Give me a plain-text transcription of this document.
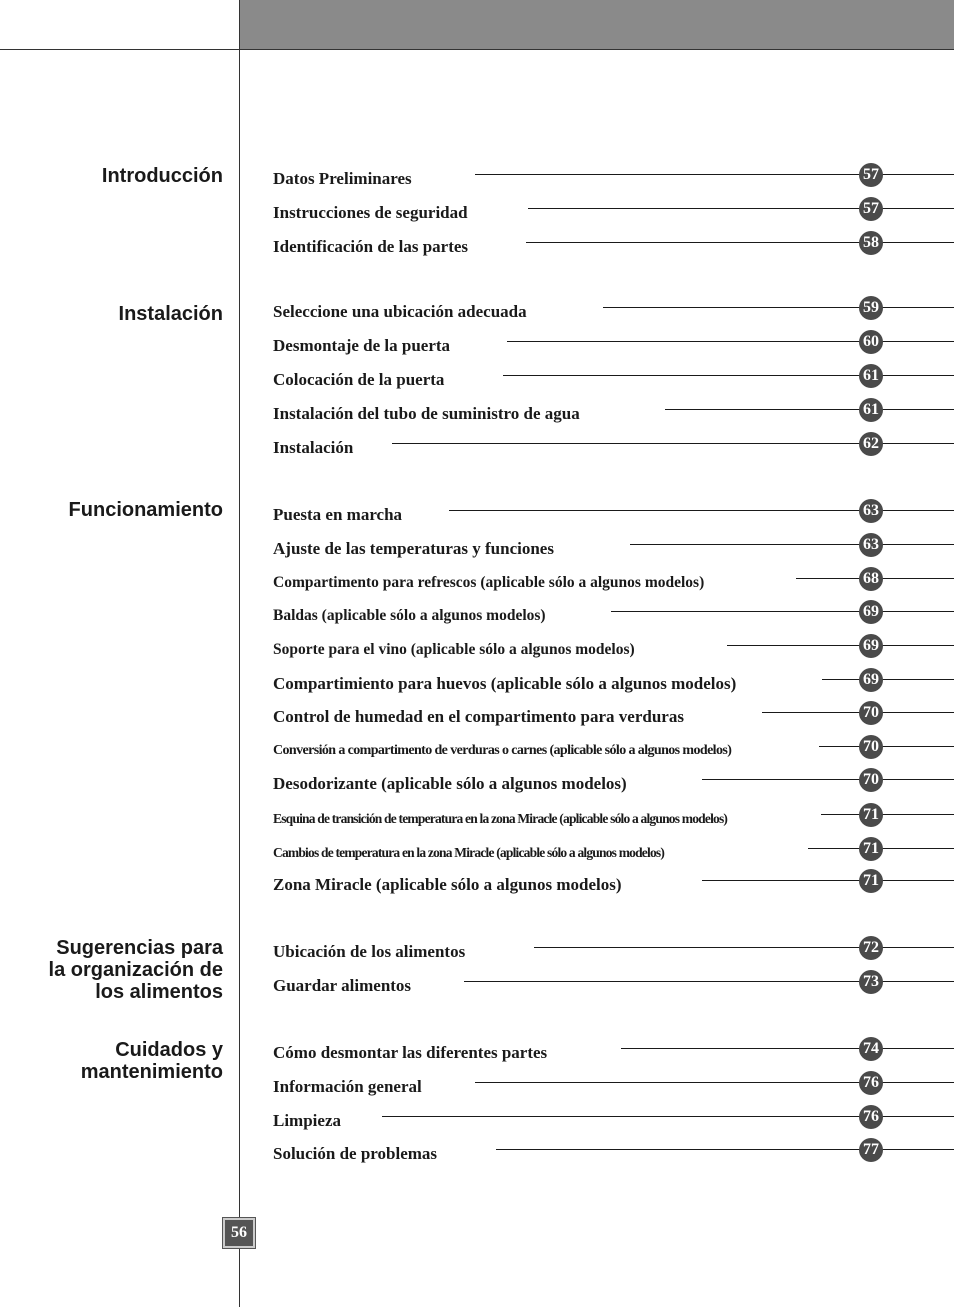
Introducción
Instalación
Funcionamiento
Sugerencias para
la organización de
los alimentos
Cuidados y
mantenimiento
Datos Preliminares	57
Instrucciones de seguridad	57
Identificación de las partes	58
Seleccione una ubicación adecuada	59
Desmontaje de la puerta	60
Colocación de la puerta	61
Instalación del tubo de suministro de agua	61
Instalación	62
Puesta en marcha	63
Ajuste de las temperaturas y funciones	63
Compartimento para refrescos (aplicable sólo a algunos modelos)	68
Baldas (aplicable sólo a algunos modelos)	69
Soporte para el vino (aplicable sólo a algunos modelos)	69
Compartimiento para huevos (aplicable sólo a algunos modelos)	69
Control de humedad en el compartimento para verduras	70
Conversión a compartimento de verduras o carnes (aplicable sólo a algunos modelos)	70
Desodorizante (aplicable sólo a algunos modelos)	70
Esquina de transición de temperatura en la zona Miracle (aplicable sólo a algunos modelos)	71
Cambios de temperatura en la zona Miracle (aplicable sólo a algunos modelos)	71
Zona Miracle (aplicable sólo a algunos modelos)	71
Ubicación de los alimentos	72
Guardar alimentos	73
Cómo desmontar las diferentes partes	74
Información general	76
Limpieza	76
Solución de problemas	77
56
